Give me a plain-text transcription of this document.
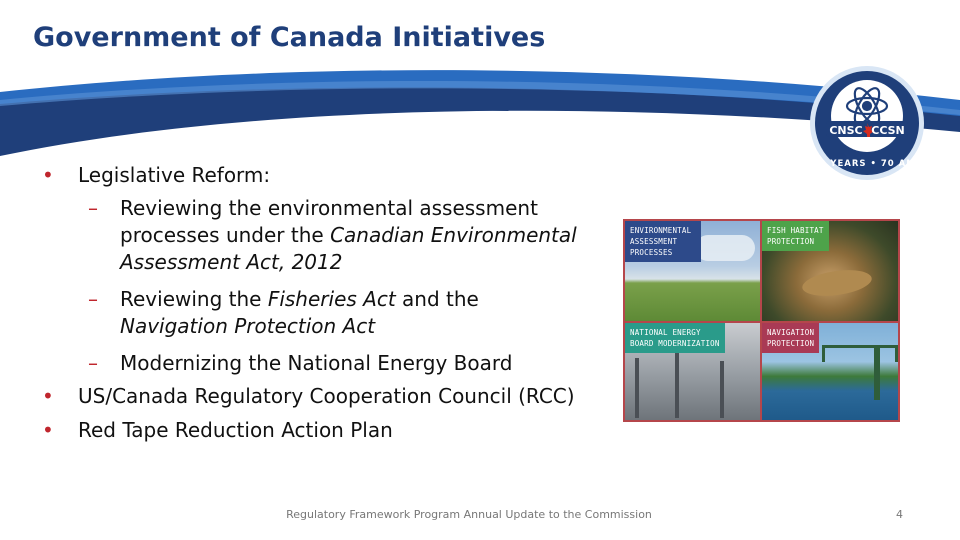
Government of Canada Initiatives
CNSC CCSN
70 YEARS • 70 ANS
• Legislative Reform:
– Reviewing the environmental assessment processes under the Canadian Environmental Assessment Act, 2012
– Reviewing the Fisheries Act and the
Navigation Protection Act
– Modernizing the National Energy Board
• US/Canada Regulatory Cooperation Council (RCC)
• Red Tape Reduction Action Plan
ENVIRONMENTAL
ASSESSMENT
PROCESSES
FISH HABITAT
PROTECTION
NATIONAL ENERGY
BOARD MODERNIZATION
NAVIGATION
PROTECTION
Regulatory Framework Program Annual Update to the Commission	4
